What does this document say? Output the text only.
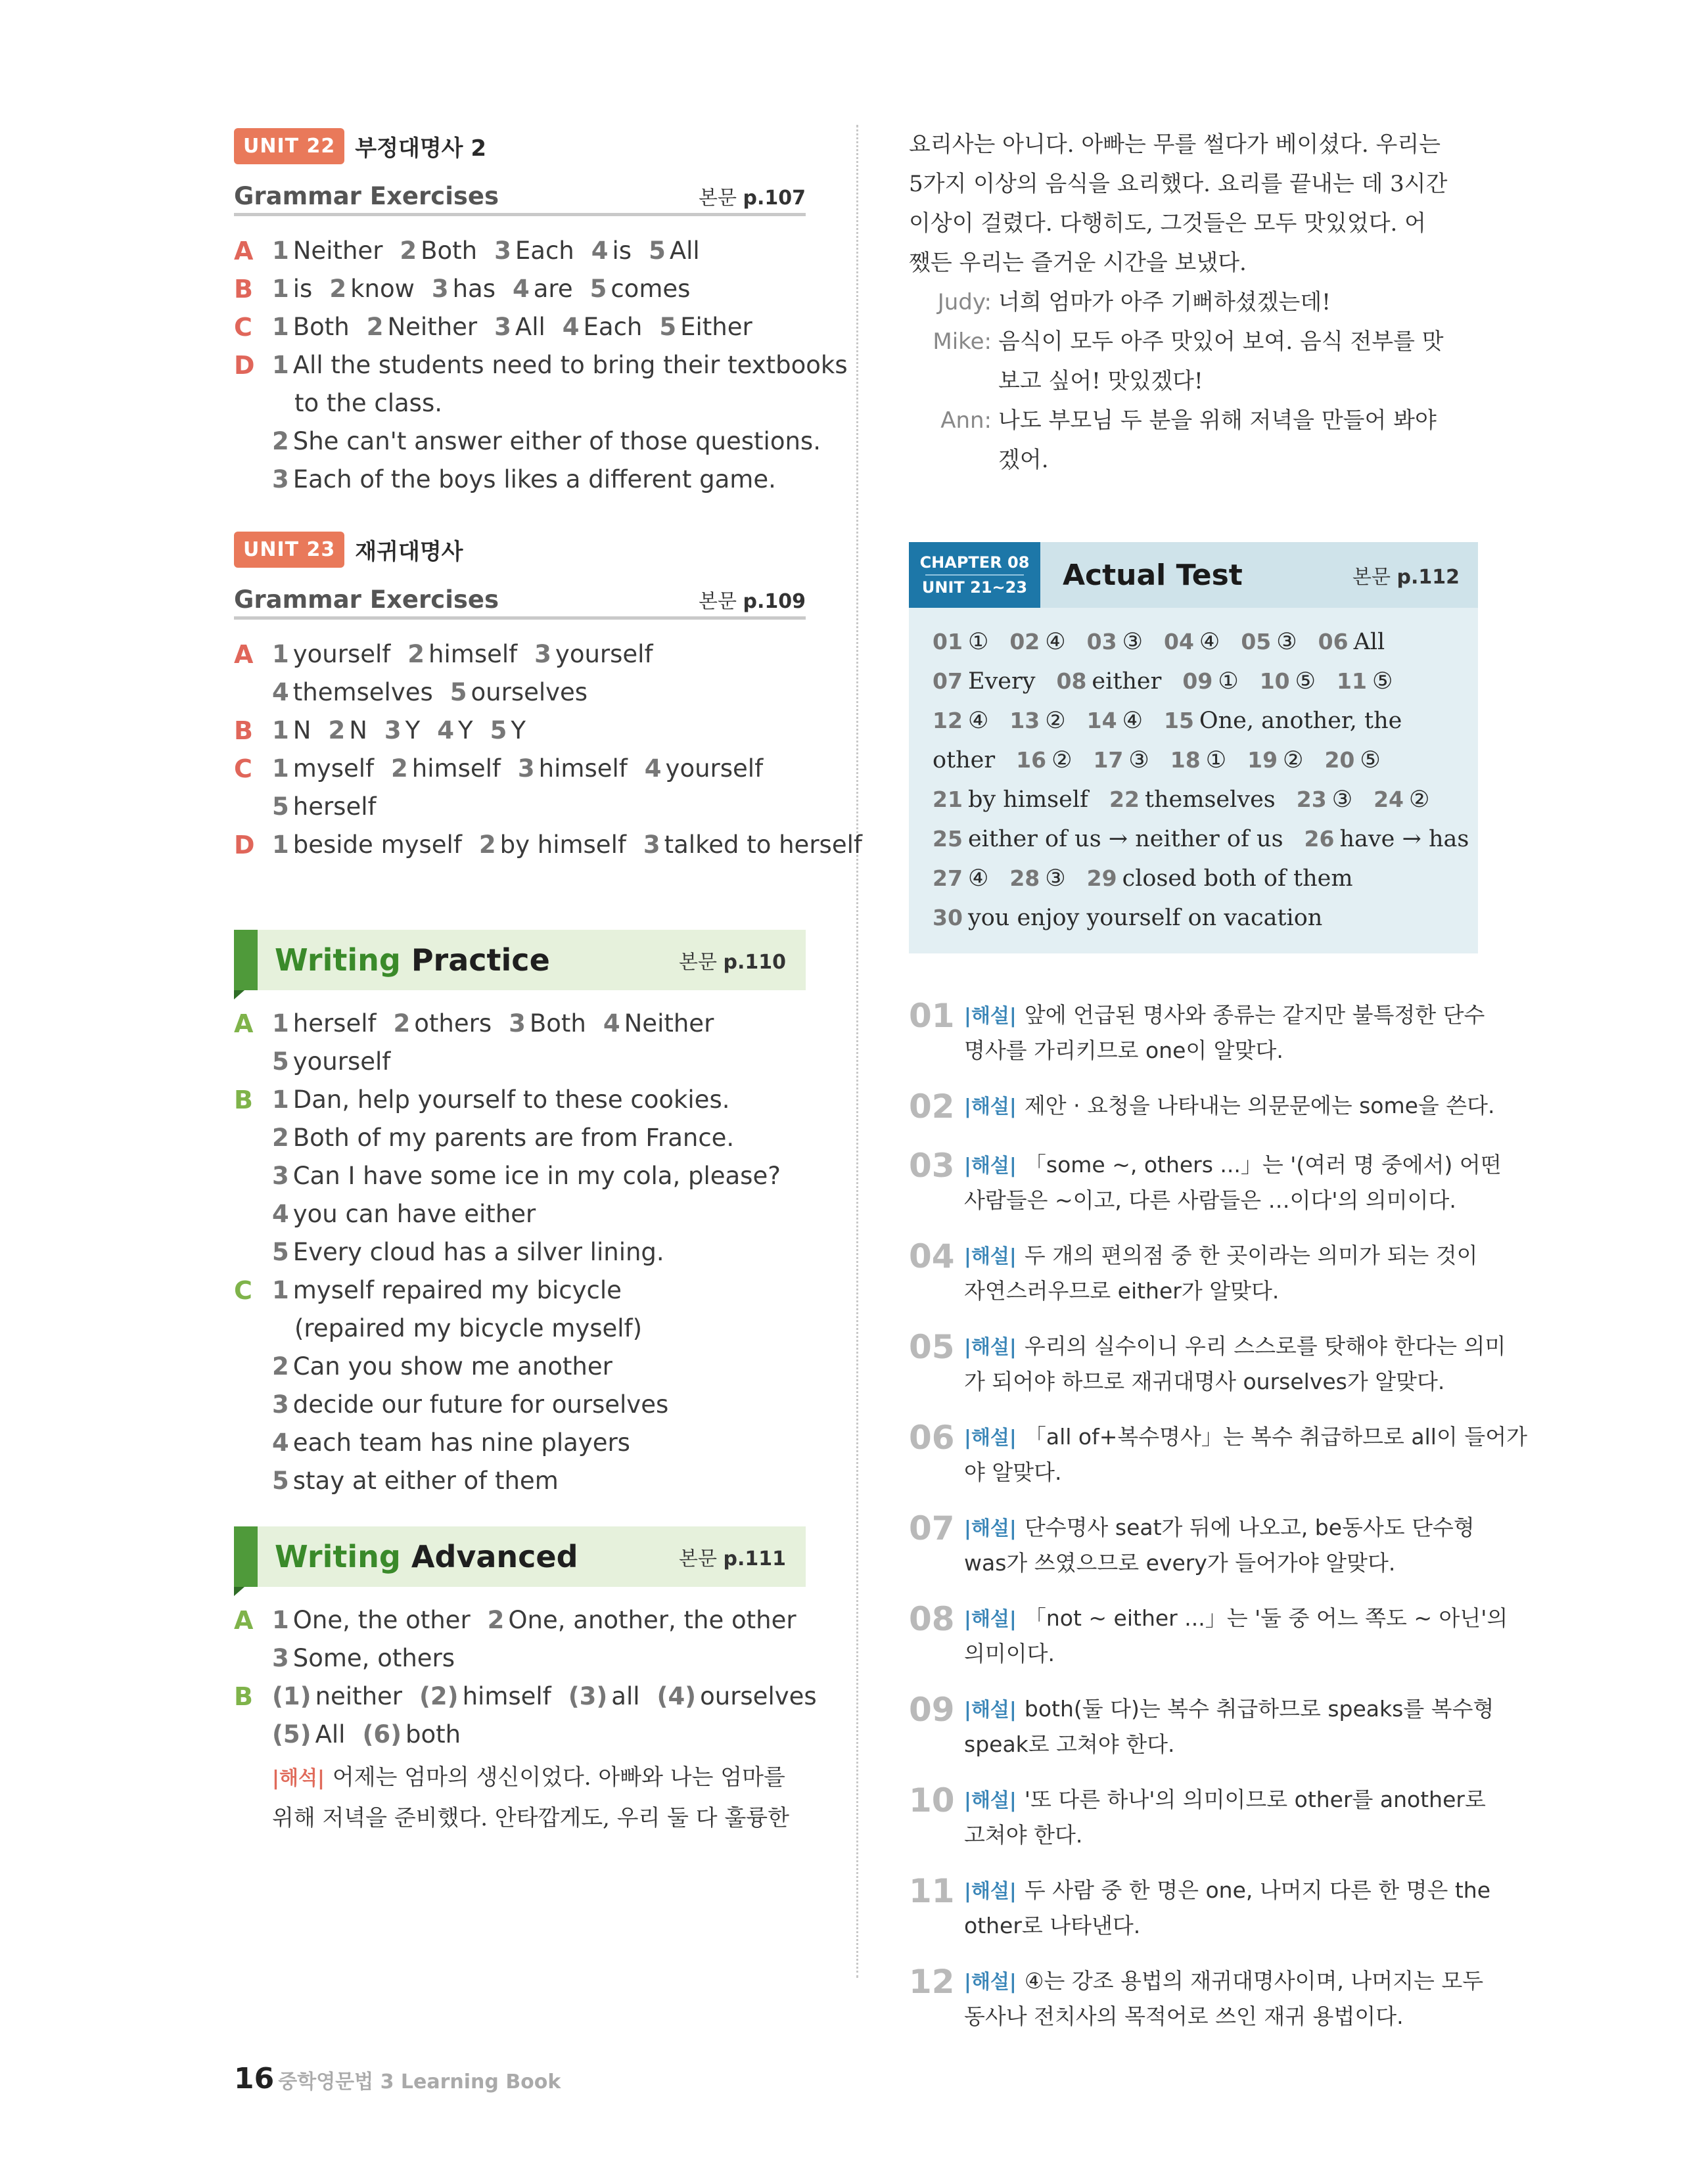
UNIT 22 부정대명사 2
Grammar Exercises	본문 p.107
A 1 Neither 2 Both 3 Each 4 is 5 All
B 1 is 2 know 3 has 4 are 5 comes
C 1 Both 2 Neither 3 All 4 Each 5 Either
D 1 All the students need to bring their textbooks
to the class.
2 She can't answer either of those questions.
3 Each of the boys likes a different game.
UNIT 23 재귀대명사
Grammar Exercises	본문 p.109
A 1 yourself 2 himself 3 yourself
4 themselves 5 ourselves
B 1 N 2 N 3 Y 4 Y 5 Y
C 1 myself 2 himself 3 himself 4 yourself
5 herself
D 1 beside myself 2 by himself 3 talked to herself
Writing Practice	본문 p.110
A 1 herself 2 others 3 Both 4 Neither
5 yourself
B 1 Dan, help yourself to these cookies.
2 Both of my parents are from France.
3 Can I have some ice in my cola, please?
4 you can have either
5 Every cloud has a silver lining.
C 1 myself repaired my bicycle
(repaired my bicycle myself)
2 Can you show me another
3 decide our future for ourselves
4 each team has nine players
5 stay at either of them
Writing Advanced	본문 p.111
A 1 One, the other 2 One, another, the other
3 Some, others
B (1) neither (2) himself (3) all (4) ourselves
(5) All (6) both
|해석| 어제는 엄마의 생신이었다. 아빠와 나는 엄마를
위해 저녁을 준비했다. 안타깝게도, 우리 둘 다 훌륭한
요리사는 아니다. 아빠는 무를 썰다가 베이셨다. 우리는
5가지 이상의 음식을 요리했다. 요리를 끝내는 데 3시간
이상이 걸렸다. 다행히도, 그것들은 모두 맛있었다. 어
쨌든 우리는 즐거운 시간을 보냈다.
Judy: 너희 엄마가 아주 기뻐하셨겠는데!
Mike: 음식이 모두 아주 맛있어 보여. 음식 전부를 맛
보고 싶어! 맛있겠다!
Ann: 나도 부모님 두 분을 위해 저녁을 만들어 봐야
겠어.
CHAPTER 08
UNIT 21~23 Actual Test	본문 p.112
01 ① 02 ④ 03 ③ 04 ④ 05 ③ 06 All
07 Every 08 either 09 ① 10 ⑤ 11 ⑤
12 ④ 13 ② 14 ④ 15 One, another, the
other 16 ② 17 ③ 18 ① 19 ② 20 ⑤
21 by himself 22 themselves 23 ③ 24 ②
25 either of us → neither of us 26 have → has
27 ④ 28 ③ 29 closed both of them
30 you enjoy yourself on vacation
01 |해설| 앞에 언급된 명사와 종류는 같지만 불특정한 단수
명사를 가리키므로 one이 알맞다.
02 |해설| 제안 · 요청을 나타내는 의문문에는 some을 쓴다.
03 |해설| 「some ~, others ...」는 '(여러 명 중에서) 어떤
사람들은 ~이고, 다른 사람들은 …이다'의 의미이다.
04 |해설| 두 개의 편의점 중 한 곳이라는 의미가 되는 것이
자연스러우므로 either가 알맞다.
05 |해설| 우리의 실수이니 우리 스스로를 탓해야 한다는 의미
가 되어야 하므로 재귀대명사 ourselves가 알맞다.
06 |해설| 「all of+복수명사」는 복수 취급하므로 all이 들어가
야 알맞다.
07 |해설| 단수명사 seat가 뒤에 나오고, be동사도 단수형
was가 쓰였으므로 every가 들어가야 알맞다.
08 |해설| 「not ~ either ...」는 '둘 중 어느 쪽도 ~ 아닌'의
의미이다.
09 |해설| both(둘 다)는 복수 취급하므로 speaks를 복수형
speak로 고쳐야 한다.
10 |해설| '또 다른 하나'의 의미이므로 other를 another로
고쳐야 한다.
11 |해설| 두 사람 중 한 명은 one, 나머지 다른 한 명은 the
other로 나타낸다.
12 |해설| ④는 강조 용법의 재귀대명사이며, 나머지는 모두
동사나 전치사의 목적어로 쓰인 재귀 용법이다.
16 중학영문법 3 Learning Book
